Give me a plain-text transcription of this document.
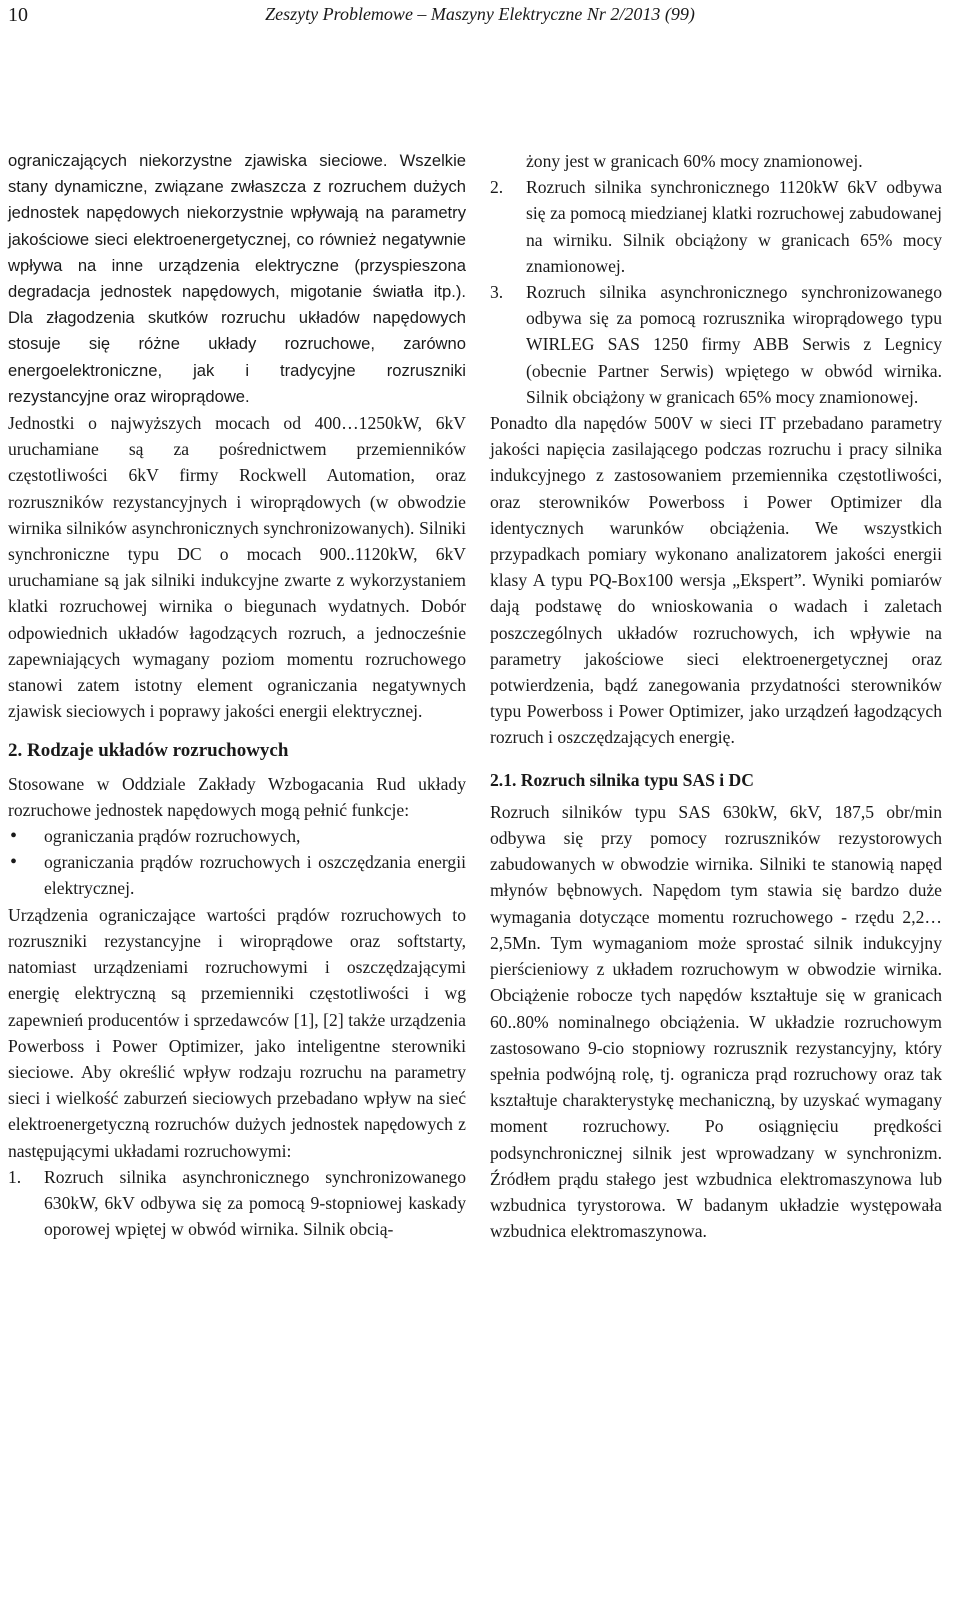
10	Zeszyty Problemowe – Maszyny Elektryczne Nr 2/2013 (99)

ograniczających niekorzystne zjawiska sieciowe. Wszelkie stany dynamiczne, związane zwłaszcza z rozruchem dużych jednostek napędowych niekorzystnie wpływają na parametry jakościowe sieci elektroenergetycznej, co również negatywnie wpływa na inne urządzenia elektryczne (przyspieszona degradacja jednostek napędowych, migotanie światła itp.). Dla złagodzenia skutków rozruchu układów napędowych stosuje się różne układy rozruchowe, zarówno energoelektroniczne, jak i tradycyjne rozruszniki rezystancyjne oraz wiroprądowe.

Jednostki o najwyższych mocach od 400…1250kW, 6kV uruchamiane są za pośrednictwem przemienników częstotliwości 6kV firmy Rockwell Automation, oraz rozruszników rezystancyjnych i wiroprądowych (w obwodzie wirnika silników asynchronicznych synchronizowanych). Silniki synchroniczne typu DC o mocach 900..1120kW, 6kV uruchamiane są jak silniki indukcyjne zwarte z wykorzystaniem klatki rozruchowej wirnika o biegunach wydatnych. Dobór odpowiednich układów łagodzących rozruch, a jednocześnie zapewniających wymagany poziom momentu rozruchowego stanowi zatem istotny element ograniczania negatywnych zjawisk sieciowych i poprawy jakości energii elektrycznej.

2. Rodzaje układów rozruchowych

Stosowane w Oddziale Zakłady Wzbogacania Rud układy rozruchowe jednostek napędowych mogą pełnić funkcje:

• ograniczania prądów rozruchowych,
• ograniczania prądów rozruchowych i oszczędzania energii elektrycznej.

Urządzenia ograniczające wartości prądów rozruchowych to rozruszniki rezystancyjne i wiroprądowe oraz softstarty, natomiast urządzeniami rozruchowymi i oszczędzającymi energię elektryczną są przemienniki częstotliwości i wg zapewnień producentów i sprzedawców [1], [2] także urządzenia Powerboss i Power Optimizer, jako inteligentne sterowniki sieciowe. Aby określić wpływ rodzaju rozruchu na parametry sieci i wielkość zaburzeń sieciowych przebadano wpływ na sieć elektroenergetyczną rozruchów dużych jednostek napędowych z następującymi układami rozruchowymi:

1. Rozruch silnika asynchronicznego synchronizowanego 630kW, 6kV odbywa się za pomocą 9-stopniowej kaskady oporowej wpiętej w obwód wirnika. Silnik obcią-

żony jest w granicach 60% mocy znamionowej.

2. Rozruch silnika synchronicznego 1120kW 6kV odbywa się za pomocą miedzianej klatki rozruchowej zabudowanej na wirniku. Silnik obciążony w granicach 65% mocy znamionowej.
3. Rozruch silnika asynchronicznego synchronizowanego odbywa się za pomocą rozrusznika wiroprądowego typu WIRLEG SAS 1250 firmy ABB Serwis z Legnicy (obecnie Partner Serwis) wpiętego w obwód wirnika. Silnik obciążony w granicach 65% mocy znamionowej.

Ponadto dla napędów 500V w sieci IT przebadano parametry jakości napięcia zasilającego podczas rozruchu i pracy silnika indukcyjnego z zastosowaniem przemiennika częstotliwości, oraz sterowników Powerboss i Power Optimizer dla identycznych warunków obciążenia. We wszystkich przypadkach pomiary wykonano analizatorem jakości energii klasy A typu PQ-Box100 wersja „Ekspert”. Wyniki pomiarów dają podstawę do wnioskowania o wadach i zaletach poszczególnych układów rozruchowych, ich wpływie na parametry jakościowe sieci elektroenergetycznej oraz potwierdzenia, bądź zanegowania przydatności sterowników typu Powerboss i Power Optimizer, jako urządzeń łagodzących rozruch i oszczędzających energię.

2.1. Rozruch silnika typu SAS i DC

Rozruch silników typu SAS 630kW, 6kV, 187,5 obr/min odbywa się przy pomocy rozruszników rezystorowych zabudowanych w obwodzie wirnika. Silniki te stanowią napęd młynów bębnowych. Napędom tym stawia się bardzo duże wymagania dotyczące momentu rozruchowego - rzędu 2,2…2,5Mn. Tym wymaganiom może sprostać silnik indukcyjny pierścieniowy z układem rozruchowym w obwodzie wirnika. Obciążenie robocze tych napędów kształtuje się w granicach 60..80% nominalnego obciążenia. W układzie rozruchowym zastosowano 9-cio stopniowy rozrusznik rezystancyjny, który spełnia podwójną rolę, tj. ogranicza prąd rozruchowy oraz tak kształtuje charakterystykę mechaniczną, by uzyskać wymagany moment rozruchowy. Po osiągnięciu prędkości podsynchronicznej silnik jest wprowadzany w synchronizm. Źródłem prądu stałego jest wzbudnica elektromaszynowa lub wzbudnica tyrystorowa. W badanym układzie występowała wzbudnica elektromaszynowa.
